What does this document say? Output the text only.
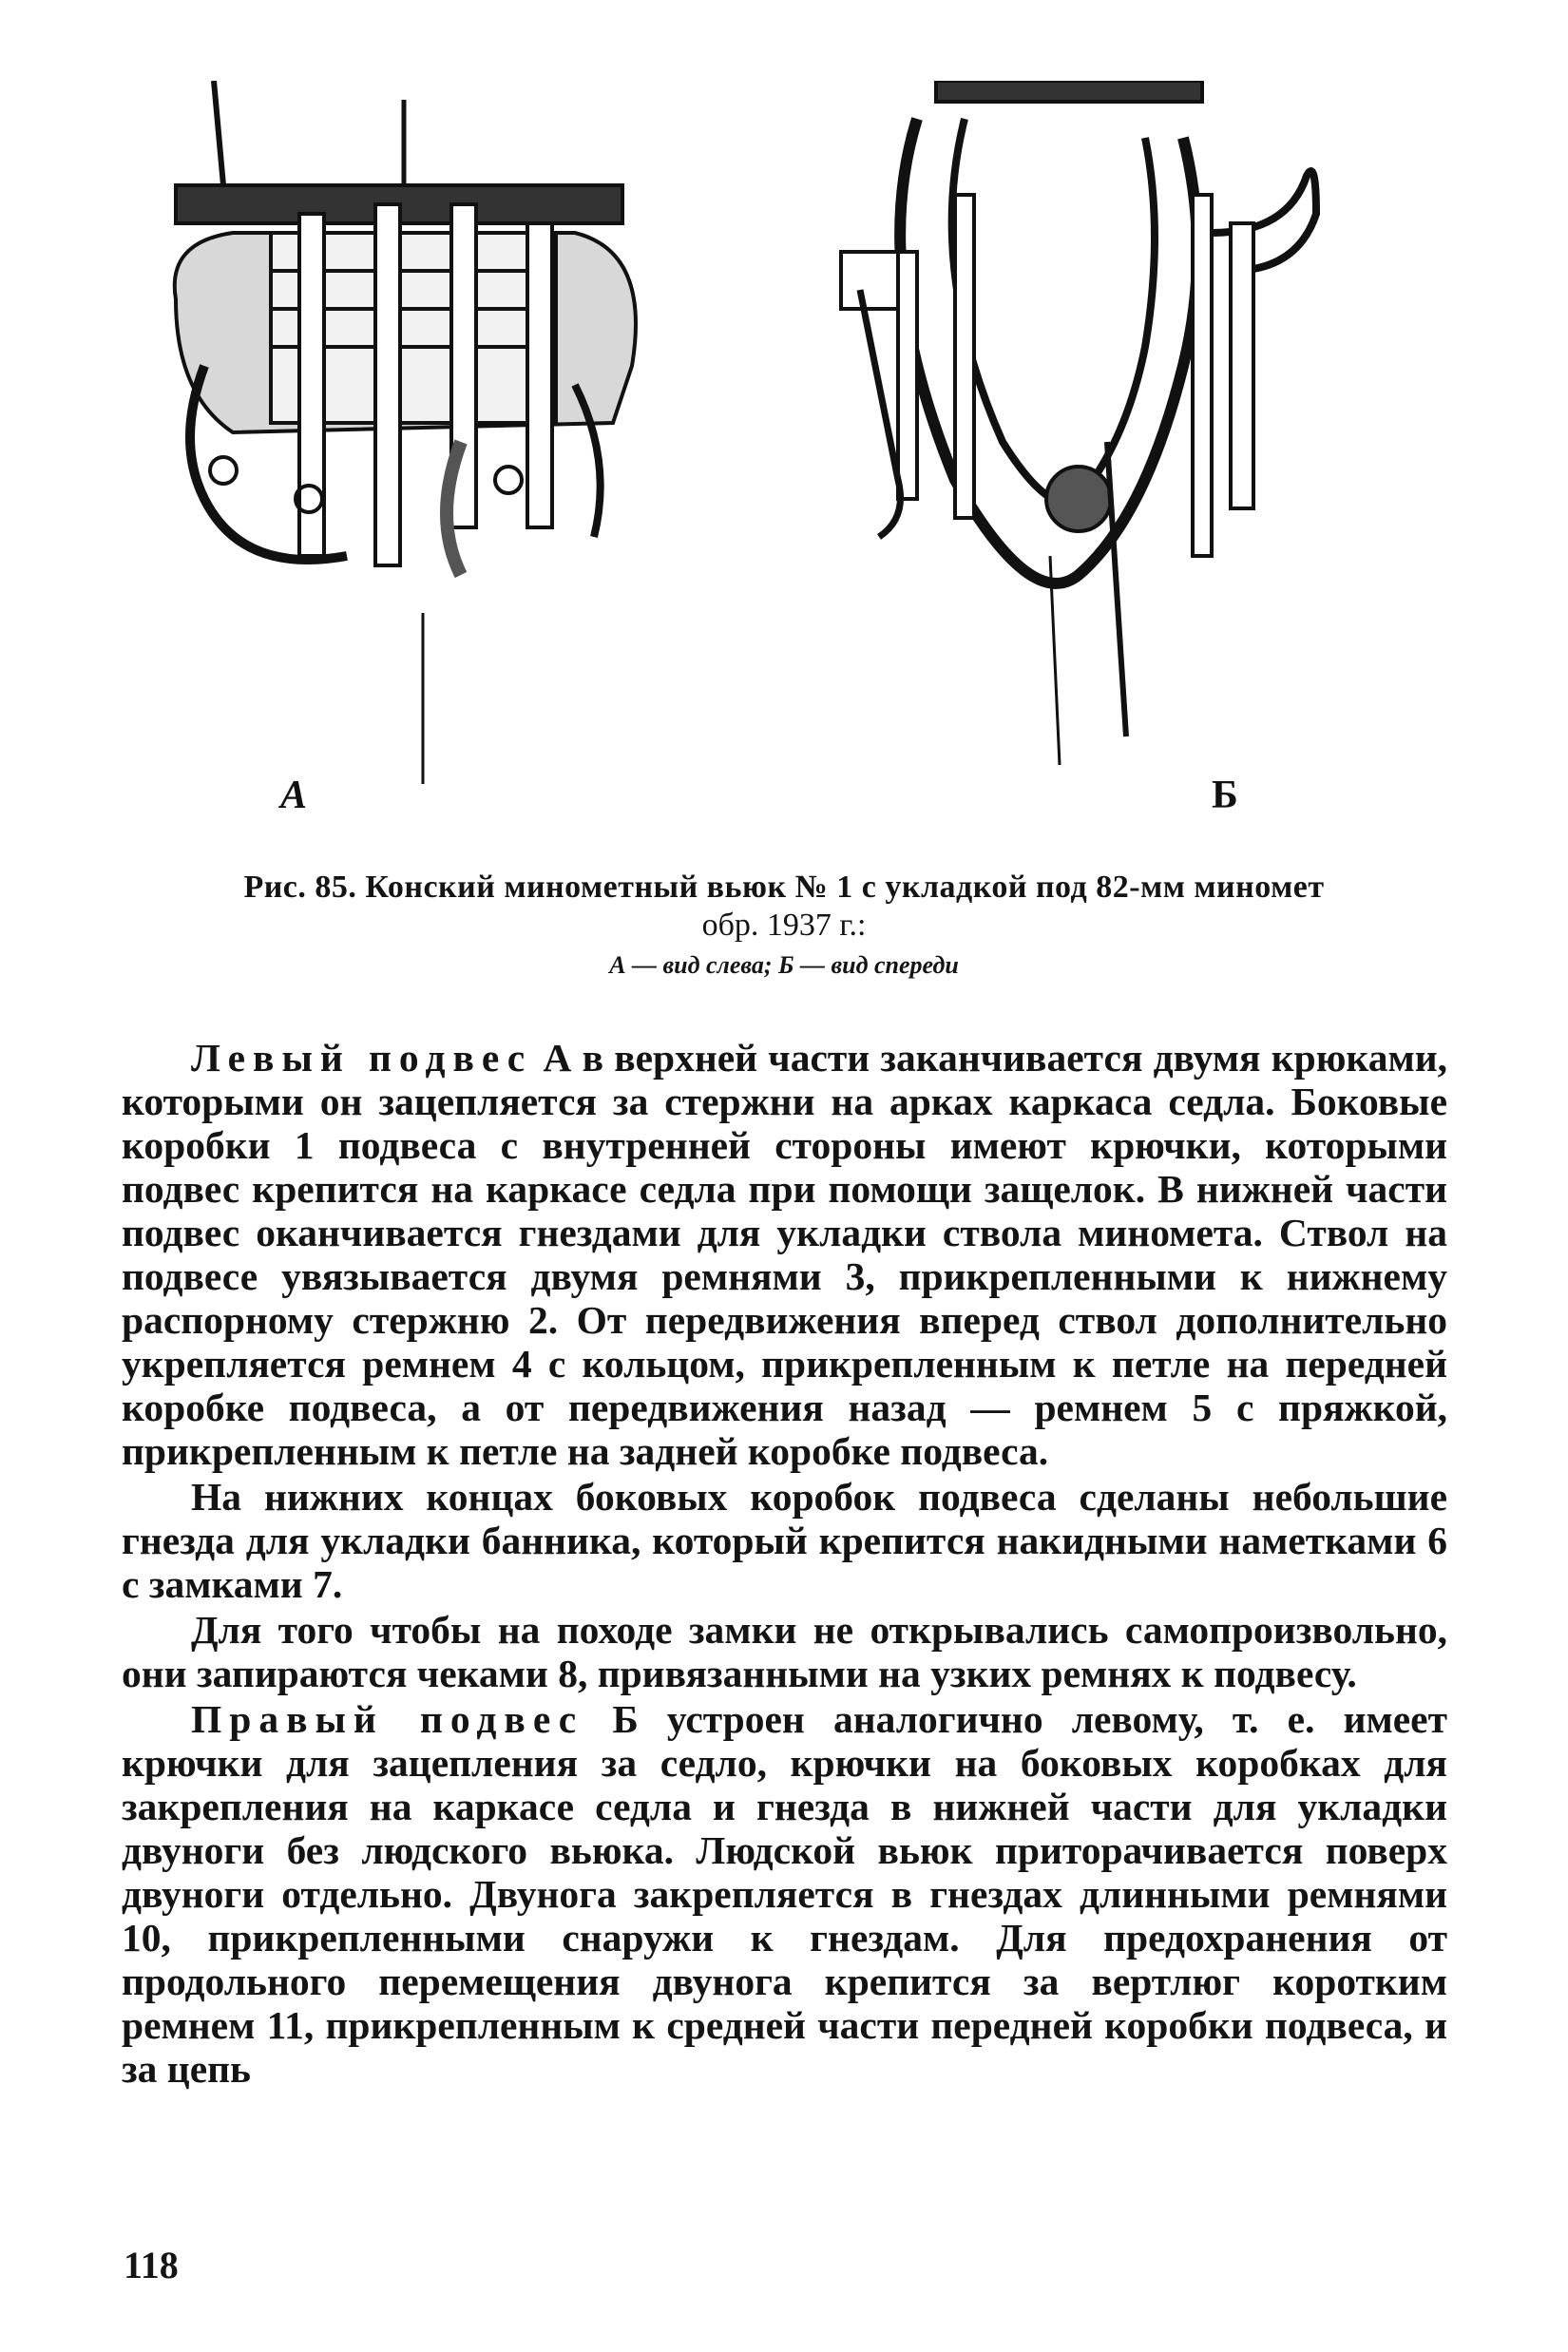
А	Б
Рис. 85. Конский минометный вьюк № 1 с укладкой под 82-мм миномет
обр. 1937 г.:
А — вид слева; Б — вид спереди

Левый подвес А в верхней части заканчивается двумя крюками, которыми он зацепляется за стержни на арках каркаса седла. Боковые коробки 1 подвеса с внутренней стороны имеют крючки, которыми подвес крепится на каркасе седла при помощи защелок. В нижней части подвес оканчивается гнездами для укладки ствола миномета. Ствол на подвесе увязывается двумя ремнями 3, прикрепленными к нижнему распорному стержню 2. От передвижения вперед ствол дополнительно укрепляется ремнем 4 с кольцом, прикрепленным к петле на передней коробке подвеса, а от передвижения назад — ремнем 5 с пряжкой, прикрепленным к петле на задней коробке подвеса.

На нижних концах боковых коробок подвеса сделаны небольшие гнезда для укладки банника, который крепится накидными наметками 6 с замками 7.

Для того чтобы на походе замки не открывались самопроизвольно, они запираются чеками 8, привязанными на узких ремнях к подвесу.

Правый подвес Б устроен аналогично левому, т. е. имеет крючки для зацепления за седло, крючки на боковых коробках для закрепления на каркасе седла и гнезда в нижней части для укладки двуноги без людского вьюка. Людской вьюк приторачивается поверх двуноги отдельно. Двунога закрепляется в гнездах длинными ремнями 10, прикрепленными снаружи к гнездам. Для предохранения от продольного перемещения двунога крепится за вертлюг коротким ремнем 11, прикрепленным к средней части передней коробки подвеса, и за цепь

118
